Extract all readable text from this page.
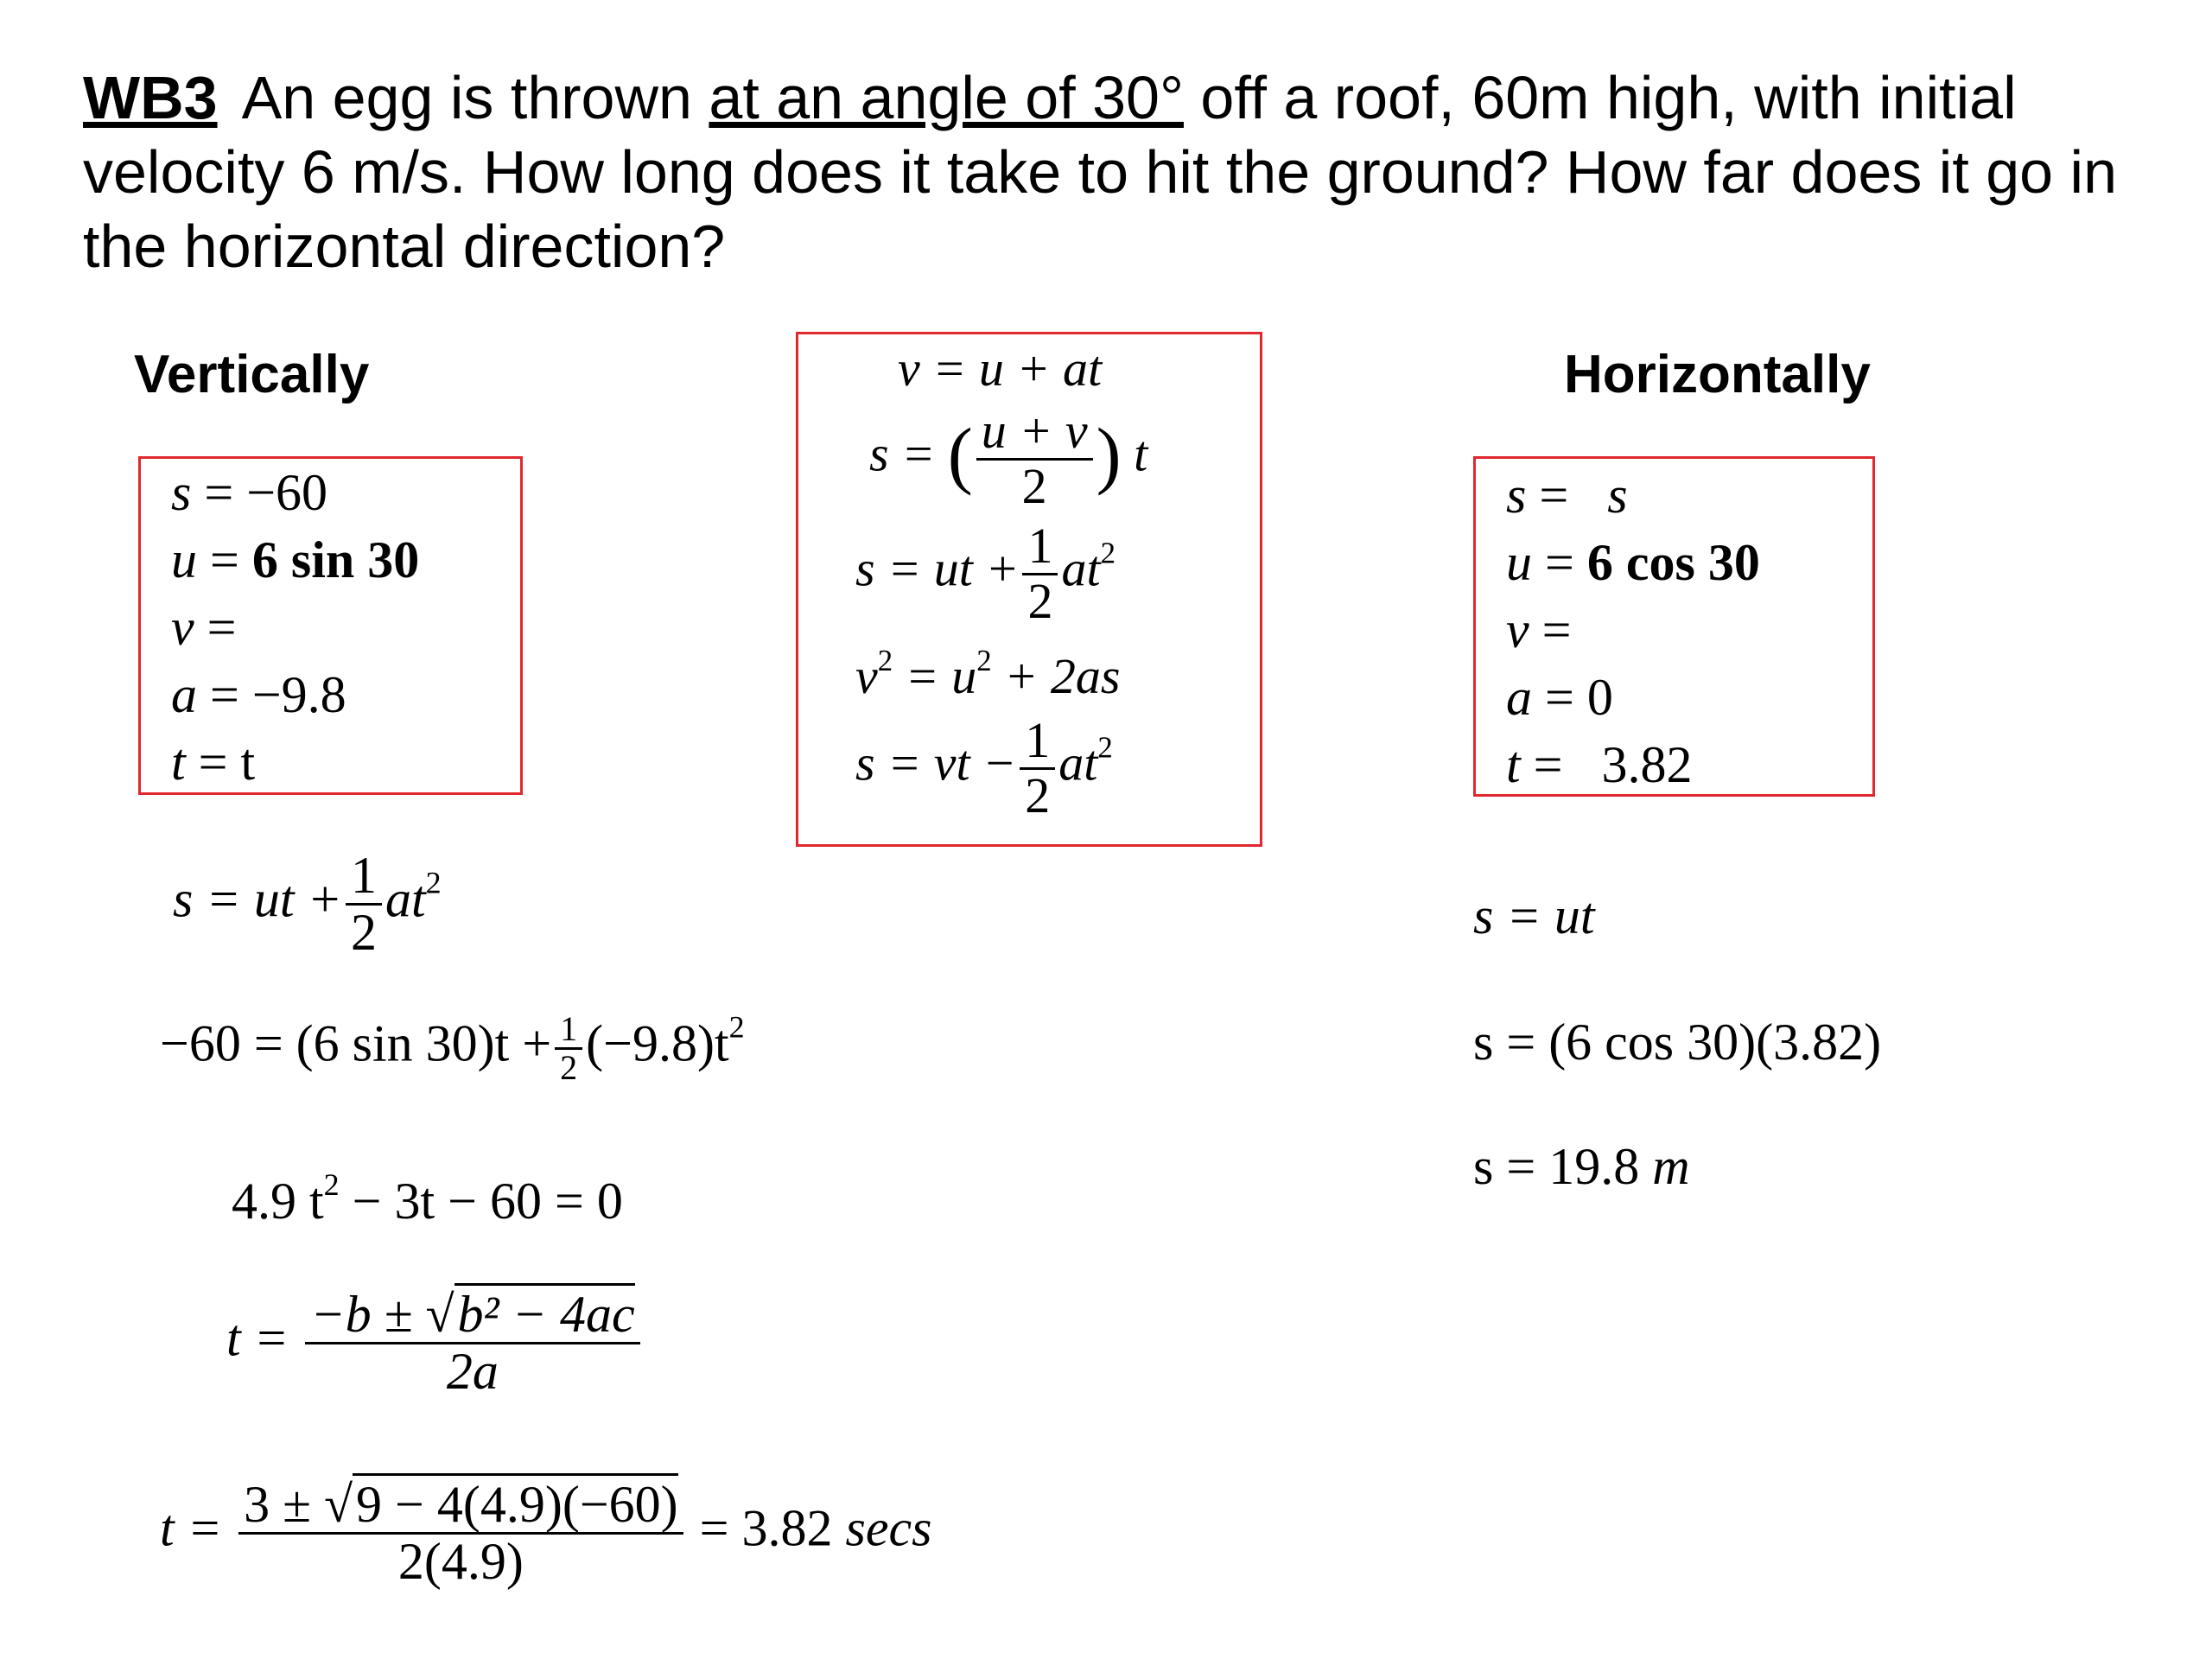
WB3 An egg is thrown at an angle of 30° off a roof, 60m high, with initial velocity 6 m/s. How long does it take to hit the ground? How far does it go in the horizontal direction?
Vertically	Horizontally
s = −60
u = 6 sin 30
v =
a = −9.8
t = t
v = u + at
s = ( $\frac{u + v}{2}$ ) t
s = ut + $\frac{1}{2} at^2$
$v^2 = u^2 + 2as$
s = vt − $\frac{1}{2} at^2$
s =   s
u = 6 cos 30
v =
a = 0
t =   3.82
s = ut + $\frac{1}{2} at^2$
−60 = (6 $\sin 30)t + \frac{1}{2} (-9.8)t^2$
4.9 $t^2 - 3t - 60 = 0$
$t = \frac{\text{−b ± √b² − 4ac}}{2a}$
$t = \frac{3 \pm √9 - 4(4.9)(-60)}{2(4.9)} = 3.82$ secs
s = ut
s = (6 cos 30)(3.82)
s = 19.8 m
